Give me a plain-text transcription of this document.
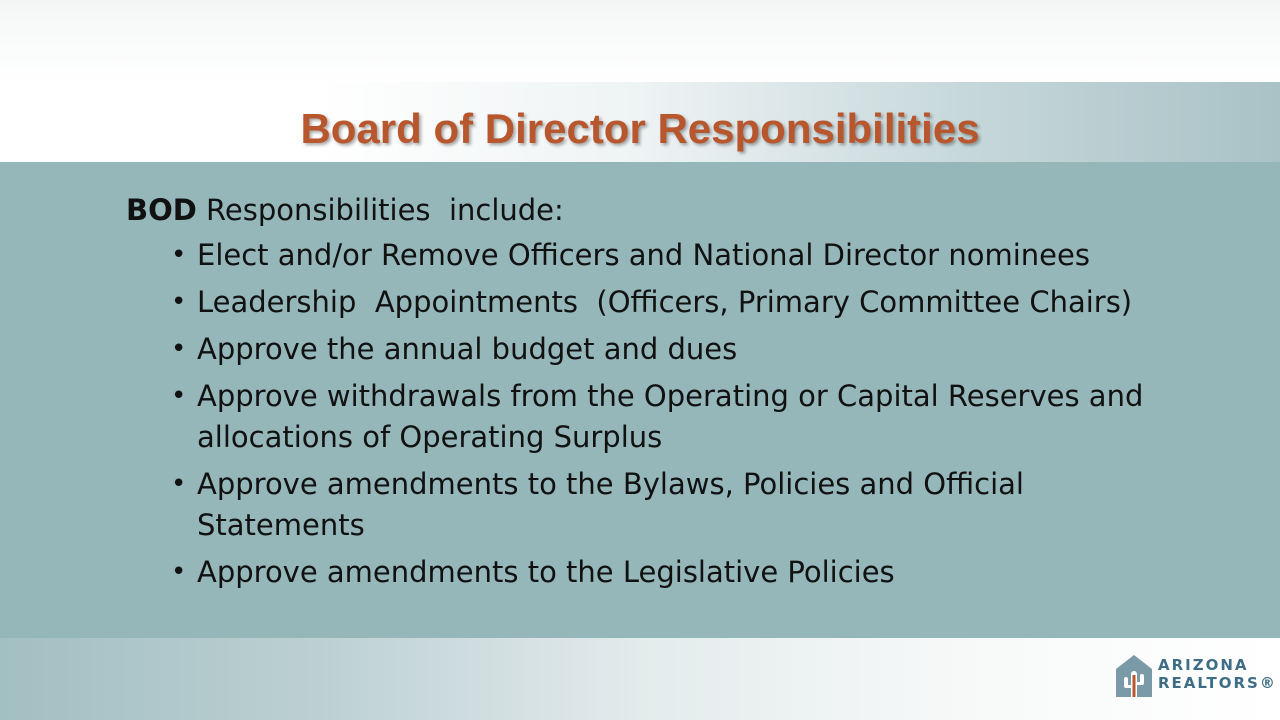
Board of Director Responsibilities

BOD Responsibilities  include:

• Elect and/or Remove Officers and National Director nominees
• Leadership  Appointments  (Officers, Primary Committee Chairs)
• Approve the annual budget and dues
• Approve withdrawals from the Operating or Capital Reserves and allocations of Operating Surplus
• Approve amendments to the Bylaws, Policies and Official Statements
• Approve amendments to the Legislative Policies
ARIZONA
REALTORS®
